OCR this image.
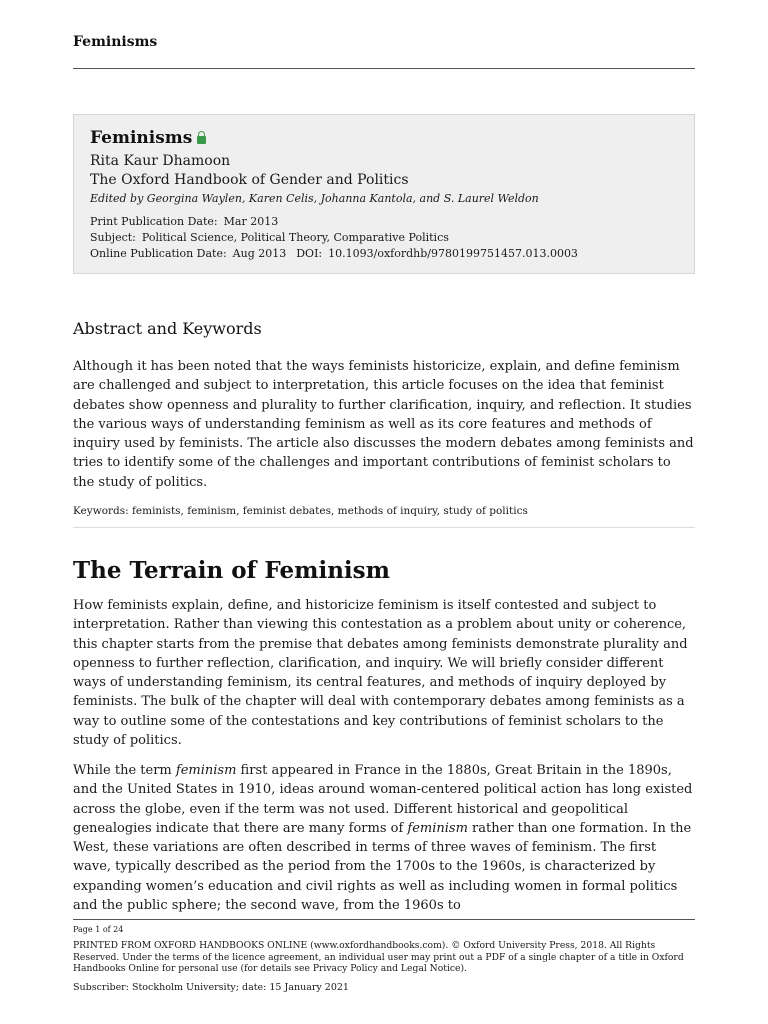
Feminisms
Feminisms
Rita Kaur Dhamoon
The Oxford Handbook of Gender and Politics
Edited by Georgina Waylen, Karen Celis, Johanna Kantola, and S. Laurel Weldon
Print Publication Date: Mar 2013
Subject: Political Science, Political Theory, Comparative Politics
Online Publication Date: Aug 2013 DOI: 10.1093/oxfordhb/9780199751457.013.0003
Abstract and Keywords

Although it has been noted that the ways feminists historicize, explain, and define feminism are challenged and subject to interpretation, this article focuses on the idea that feminist debates show openness and plurality to further clarification, inquiry, and reflection. It studies the various ways of understanding feminism as well as its core features and methods of inquiry used by feminists. The article also discusses the modern debates among feminists and tries to identify some of the challenges and important contributions of feminist scholars to the study of politics.

Keywords: feminists, feminism, feminist debates, methods of inquiry, study of politics
The Terrain of Feminism

How feminists explain, define, and historicize feminism is itself contested and subject to interpretation. Rather than viewing this contestation as a problem about unity or coherence, this chapter starts from the premise that debates among feminists demonstrate plurality and openness to further reflection, clarification, and inquiry. We will briefly consider different ways of understanding feminism, its central features, and methods of inquiry deployed by feminists. The bulk of the chapter will deal with contemporary debates among feminists as a way to outline some of the contestations and key contributions of feminist scholars to the study of politics.

While the term feminism first appeared in France in the 1880s, Great Britain in the 1890s, and the United States in 1910, ideas around woman-centered political action has long existed across the globe, even if the term was not used. Different historical and geopolitical genealogies indicate that there are many forms of feminism rather than one formation. In the West, these variations are often described in terms of three waves of feminism. The first wave, typically described as the period from the 1700s to the 1960s, is characterized by expanding women’s education and civil rights as well as including women in formal politics and the public sphere; the second wave, from the 1960s to

Page 1 of 24
PRINTED FROM OXFORD HANDBOOKS ONLINE (www.oxfordhandbooks.com). © Oxford University Press, 2018. All Rights Reserved. Under the terms of the licence agreement, an individual user may print out a PDF of a single chapter of a title in Oxford Handbooks Online for personal use (for details see Privacy Policy and Legal Notice).
Subscriber: Stockholm University; date: 15 January 2021
